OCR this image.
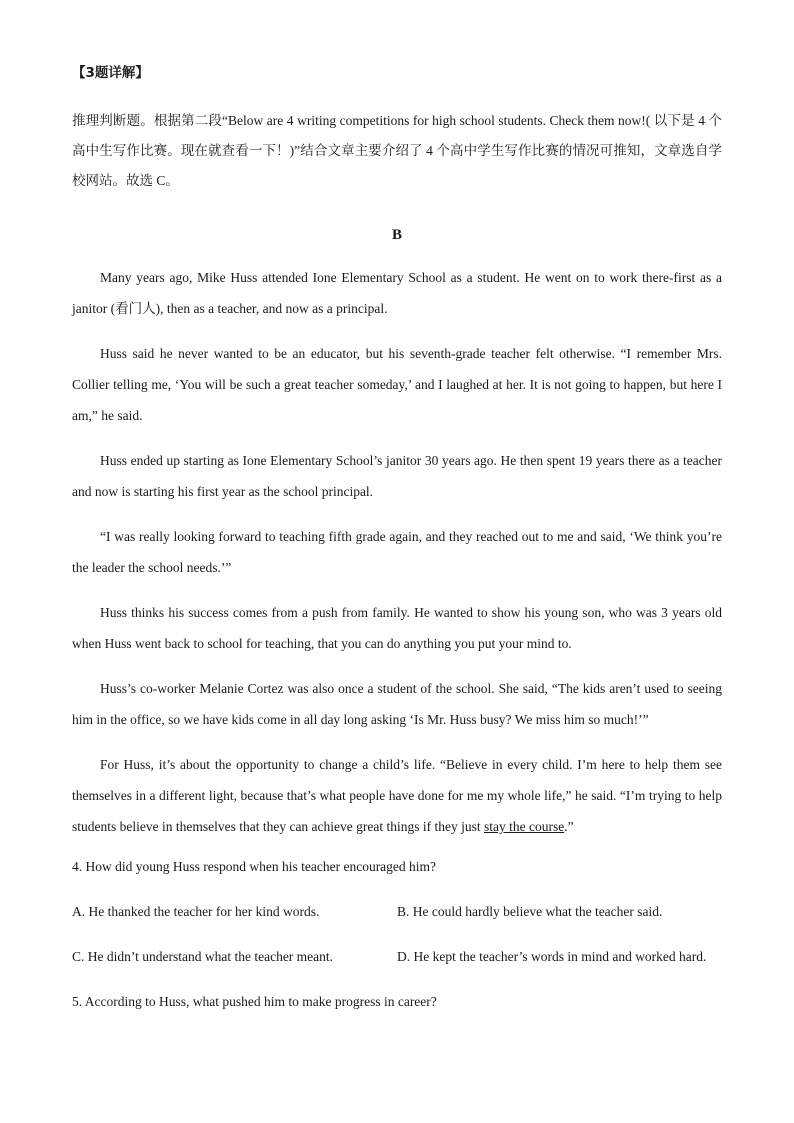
【3题详解】

推理判断题。根据第二段“Below are 4 writing competitions for high school students. Check them now!( 以下是 4 个高中生写作比赛。现在就查看一下！)”结合文章主要介绍了 4 个高中学生写作比赛的情况可推知，文章选自学校网站。故选 C。

B

Many years ago, Mike Huss attended Ione Elementary School as a student. He went on to work there-first as a janitor (看门人), then as a teacher, and now as a principal.

Huss said he never wanted to be an educator, but his seventh-grade teacher felt otherwise. “I remember Mrs. Collier telling me, ‘You will be such a great teacher someday,’ and I laughed at her. It is not going to happen, but here I am,” he said.

Huss ended up starting as Ione Elementary School’s janitor 30 years ago. He then spent 19 years there as a teacher and now is starting his first year as the school principal.

“I was really looking forward to teaching fifth grade again, and they reached out to me and said, ‘We think you’re the leader the school needs.’”

Huss thinks his success comes from a push from family. He wanted to show his young son, who was 3 years old when Huss went back to school for teaching, that you can do anything you put your mind to.

Huss’s co-worker Melanie Cortez was also once a student of the school. She said, “The kids aren’t used to seeing him in the office, so we have kids come in all day long asking ‘Is Mr. Huss busy? We miss him so much!’”

For Huss, it’s about the opportunity to change a child’s life. “Believe in every child. I’m here to help them see themselves in a different light, because that’s what people have done for me my whole life,” he said. “I’m trying to help students believe in themselves that they can achieve great things if they just stay the course.”

4. How did young Huss respond when his teacher encouraged him?
A. He thanked the teacher for her kind words.	B. He could hardly believe what the teacher said.
C. He didn’t understand what the teacher meant.	D. He kept the teacher’s words in mind and worked hard.
5. According to Huss, what pushed him to make progress in career?
